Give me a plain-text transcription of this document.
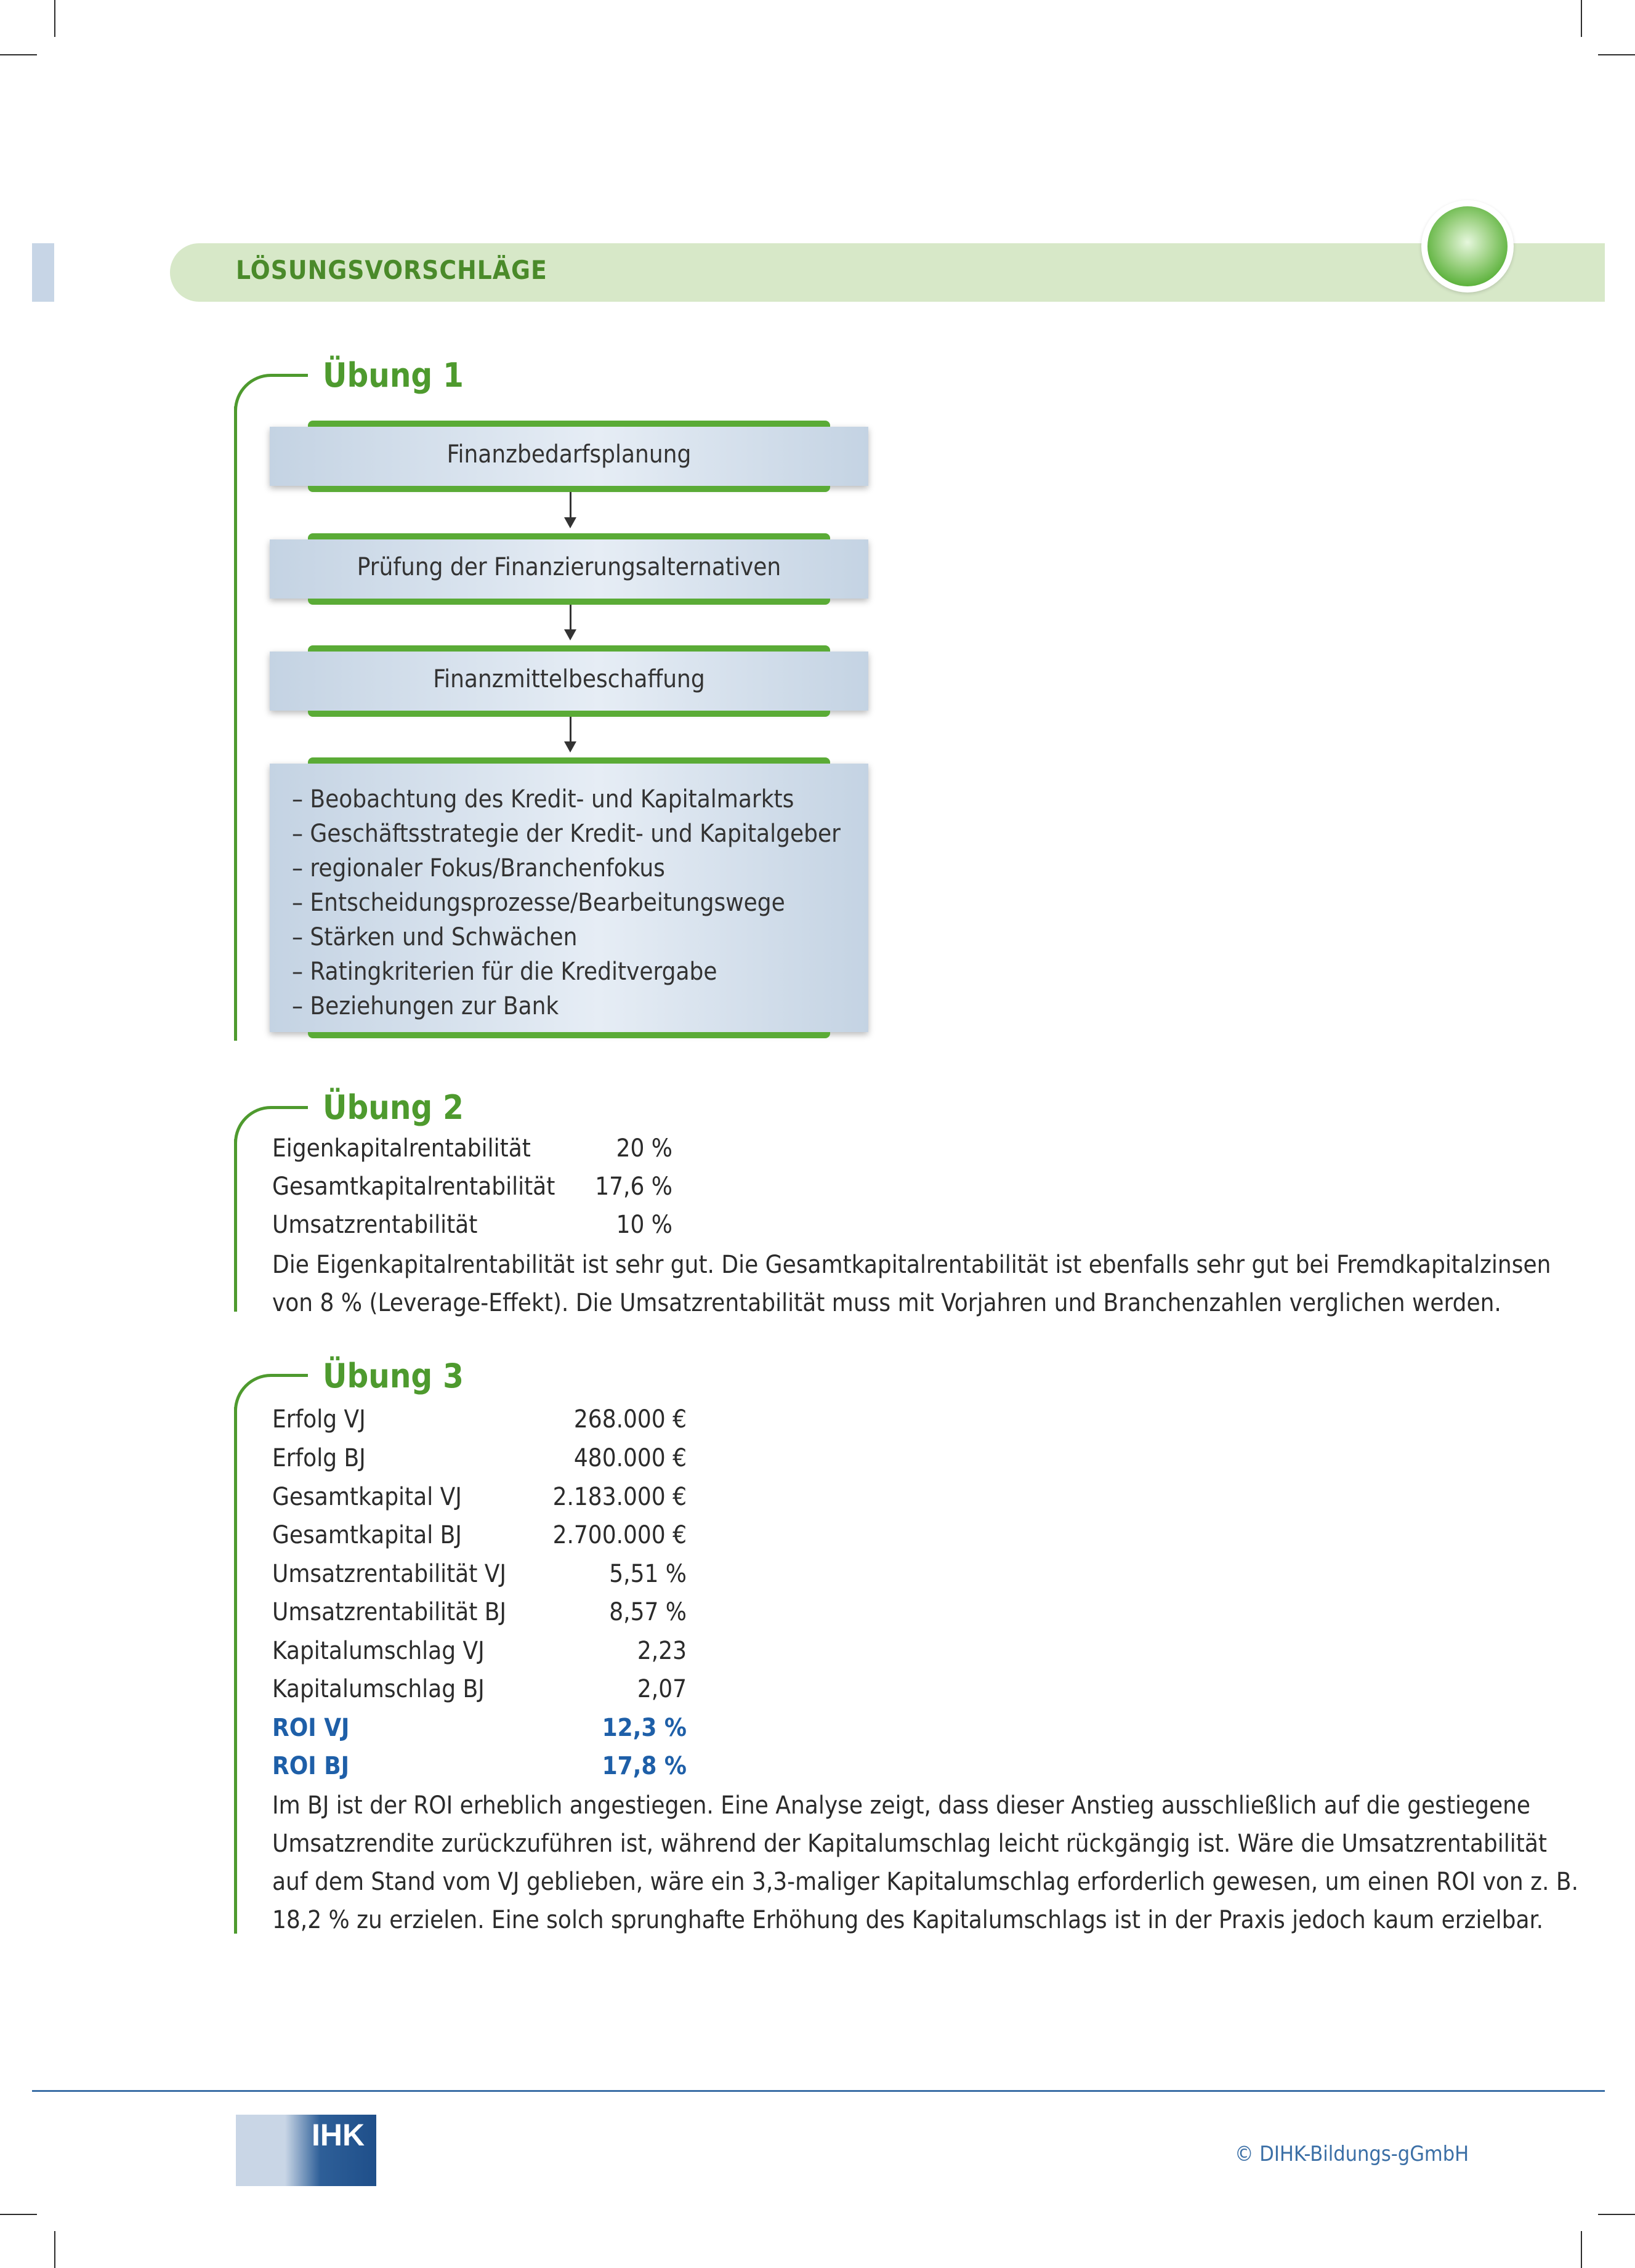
LÖSUNGSVORSCHLÄGE
Übung 1
Finanzbedarfsplanung
Prüfung der Finanzierungsalternativen
Finanzmittelbeschaffung
– Beobachtung des Kredit- und Kapitalmarkts
– Geschäftsstrategie der Kredit- und Kapitalgeber
– regionaler Fokus/Branchenfokus
– Entscheidungsprozesse/Bearbeitungswege
– Stärken und Schwächen
– Ratingkriterien für die Kreditvergabe
– Beziehungen zur Bank
Übung 2
Eigenkapitalrentabilität	20 %
Gesamtkapitalrentabilität 17,6 %
Umsatzrentabilität	10 %
Die Eigenkapitalrentabilität ist sehr gut. Die Gesamtkapitalrentabilität ist ebenfalls sehr gut bei Fremdkapitalzinsen
von 8 % (Leverage-Effekt). Die Umsatzrentabilität muss mit Vorjahren und Branchenzahlen verglichen werden.
Übung 3
Erfolg VJ	268.000 €
Erfolg BJ	480.000 €
Gesamtkapital VJ	2.183.000 €
Gesamtkapital BJ	2.700.000 €
Umsatzrentabilität VJ	5,51 %
Umsatzrentabilität BJ	8,57 %
Kapitalumschlag VJ	2,23
Kapitalumschlag BJ	2,07
ROI VJ	12,3 %
ROI BJ	17,8 %
Im BJ ist der ROI erheblich angestiegen. Eine Analyse zeigt, dass dieser Anstieg ausschließlich auf die gestiegene
Umsatzrendite zurückzuführen ist, während der Kapitalumschlag leicht rückgängig ist. Wäre die Umsatzrentabilität
auf dem Stand vom VJ geblieben, wäre ein 3,3-maliger Kapitalumschlag erforderlich gewesen, um einen ROI von z. B.
18,2 % zu erzielen. Eine solch sprunghafte Erhöhung des Kapitalumschlags ist in der Praxis jedoch kaum erzielbar.
IHK
© DIHK-Bildungs-gGmbH
